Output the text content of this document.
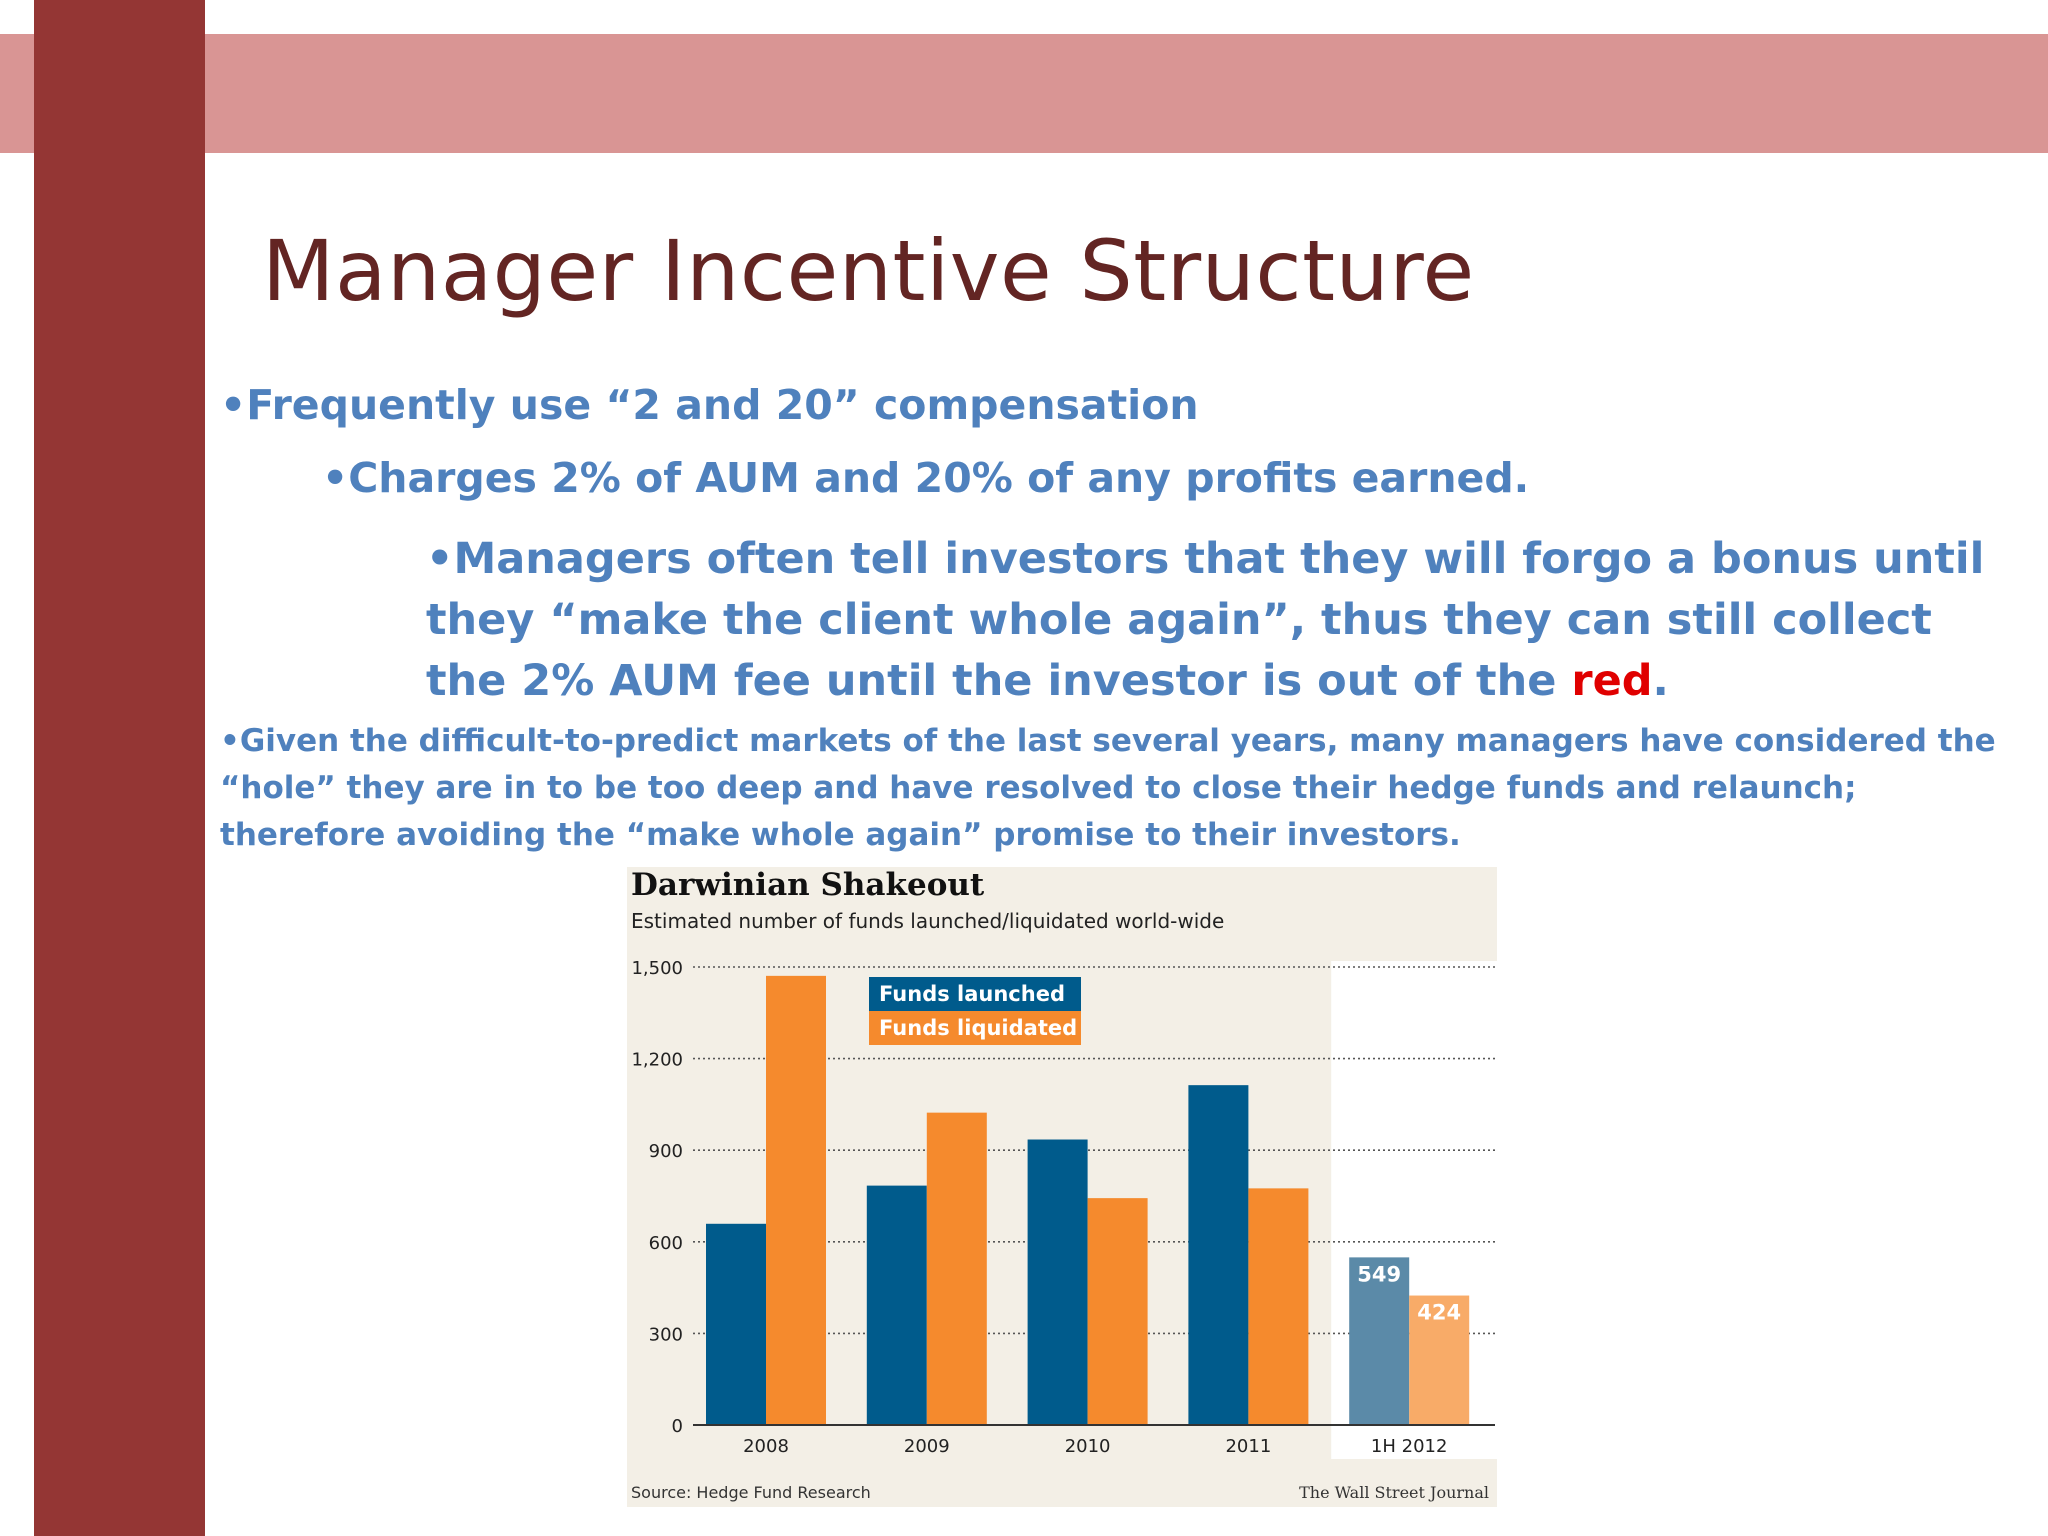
Manager Incentive Structure

•Frequently use “2 and 20” compensation

•Charges 2% of AUM and 20% of any profits earned.

•Managers often tell investors that they will forgo a bonus until they “make the client whole again”, thus they can still collect the 2% AUM fee until the investor is out of the red.

•Given the difficult-to-predict markets of the last several years, many managers have considered the “hole” they are in to be too deep and have resolved to close their hedge funds and relaunch; therefore avoiding the “make whole again” promise to their investors.

Darwinian Shakeout
Estimated number of funds launched/liquidated world-wide
0
300
600
900
1,200
1,500
2008	2009	2010	2011
549
424
1H 2012
Funds launched
Funds liquidated
Source: Hedge Fund Research	The Wall Street Journal
